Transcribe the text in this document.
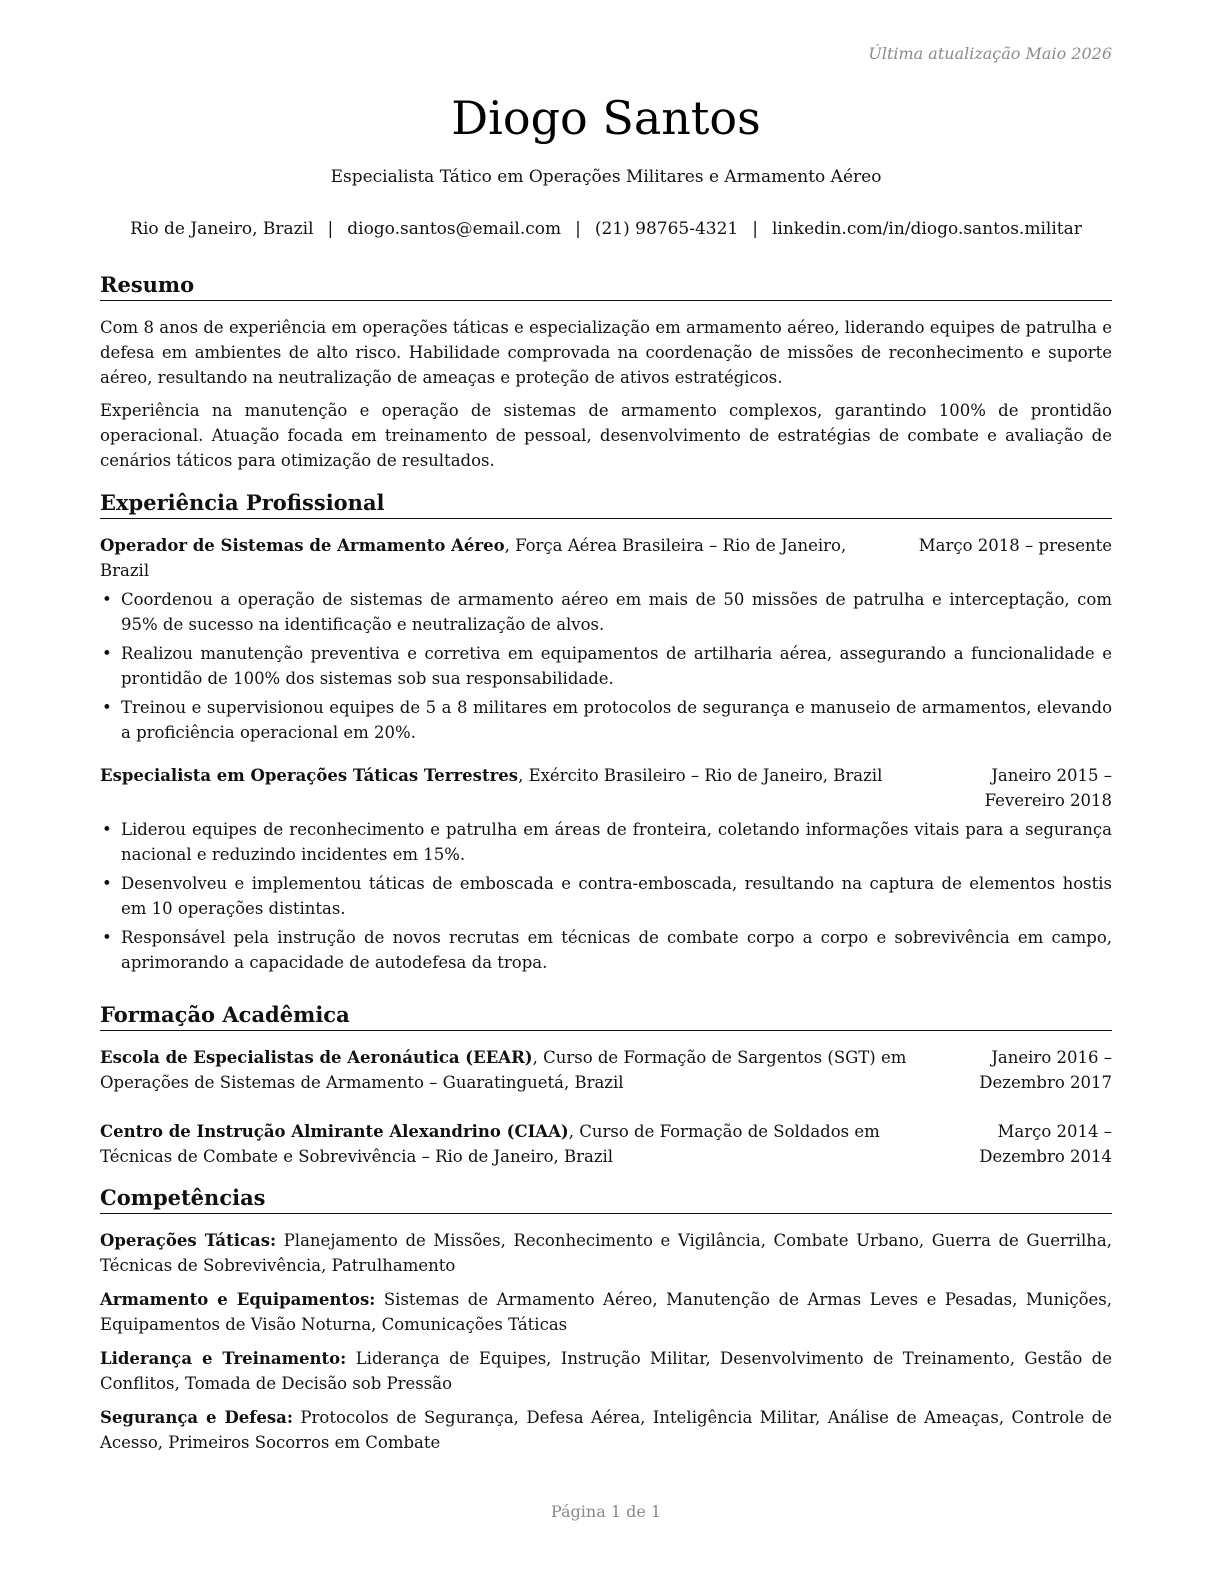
Última atualização Maio 2026
Diogo Santos
Especialista Tático em Operações Militares e Armamento Aéreo
Rio de Janeiro, Brazil | diogo.santos@email.com | (21) 98765-4321 | linkedin.com/in/diogo.santos.militar
Resumo

Com 8 anos de experiência em operações táticas e especialização em armamento aéreo, liderando equipes de patrulha e defesa em ambientes de alto risco. Habilidade comprovada na coordenação de missões de reconhecimento e suporte aéreo, resultando na neutralização de ameaças e proteção de ativos estratégicos.

Experiência na manutenção e operação de sistemas de armamento complexos, garantindo 100% de prontidão operacional. Atuação focada em treinamento de pessoal, desenvolvimento de estratégias de combate e avaliação de cenários táticos para otimização de resultados.

Experiência Profissional
Operador de Sistemas de Armamento Aéreo, Força Aérea Brasileira – Rio de Janeiro, Brazil
Março 2018 – presente
• Coordenou a operação de sistemas de armamento aéreo em mais de 50 missões de patrulha e interceptação, com 95% de sucesso na identificação e neutralização de alvos.
• Realizou manutenção preventiva e corretiva em equipamentos de artilharia aérea, assegurando a funcionalidade e prontidão de 100% dos sistemas sob sua responsabilidade.
• Treinou e supervisionou equipes de 5 a 8 militares em protocolos de segurança e manuseio de armamentos, elevando a proficiência operacional em 20%.
Especialista em Operações Táticas Terrestres, Exército Brasileiro – Rio de Janeiro, Brazil	Janeiro 2015 – Fevereiro 2018
• Liderou equipes de reconhecimento e patrulha em áreas de fronteira, coletando informações vitais para a segurança nacional e reduzindo incidentes em 15%.
• Desenvolveu e implementou táticas de emboscada e contra-emboscada, resultando na captura de elementos hostis em 10 operações distintas.
• Responsável pela instrução de novos recrutas em técnicas de combate corpo a corpo e sobrevivência em campo, aprimorando a capacidade de autodefesa da tropa.
Formação Acadêmica
Escola de Especialistas de Aeronáutica (EEAR), Curso de Formação de Sargentos (SGT) em Operações de Sistemas de Armamento – Guaratinguetá, Brazil
Janeiro 2016 – Dezembro 2017
Centro de Instrução Almirante Alexandrino (CIAA), Curso de Formação de Soldados em Técnicas de Combate e Sobrevivência – Rio de Janeiro, Brazil
Março 2014 – Dezembro 2014
Competências

Operações Táticas: Planejamento de Missões, Reconhecimento e Vigilância, Combate Urbano, Guerra de Guerrilha, Técnicas de Sobrevivência, Patrulhamento

Armamento e Equipamentos: Sistemas de Armamento Aéreo, Manutenção de Armas Leves e Pesadas, Munições, Equipamentos de Visão Noturna, Comunicações Táticas

Liderança e Treinamento: Liderança de Equipes, Instrução Militar, Desenvolvimento de Treinamento, Gestão de Conflitos, Tomada de Decisão sob Pressão

Segurança e Defesa: Protocolos de Segurança, Defesa Aérea, Inteligência Militar, Análise de Ameaças, Controle de Acesso, Primeiros Socorros em Combate

Página 1 de 1
